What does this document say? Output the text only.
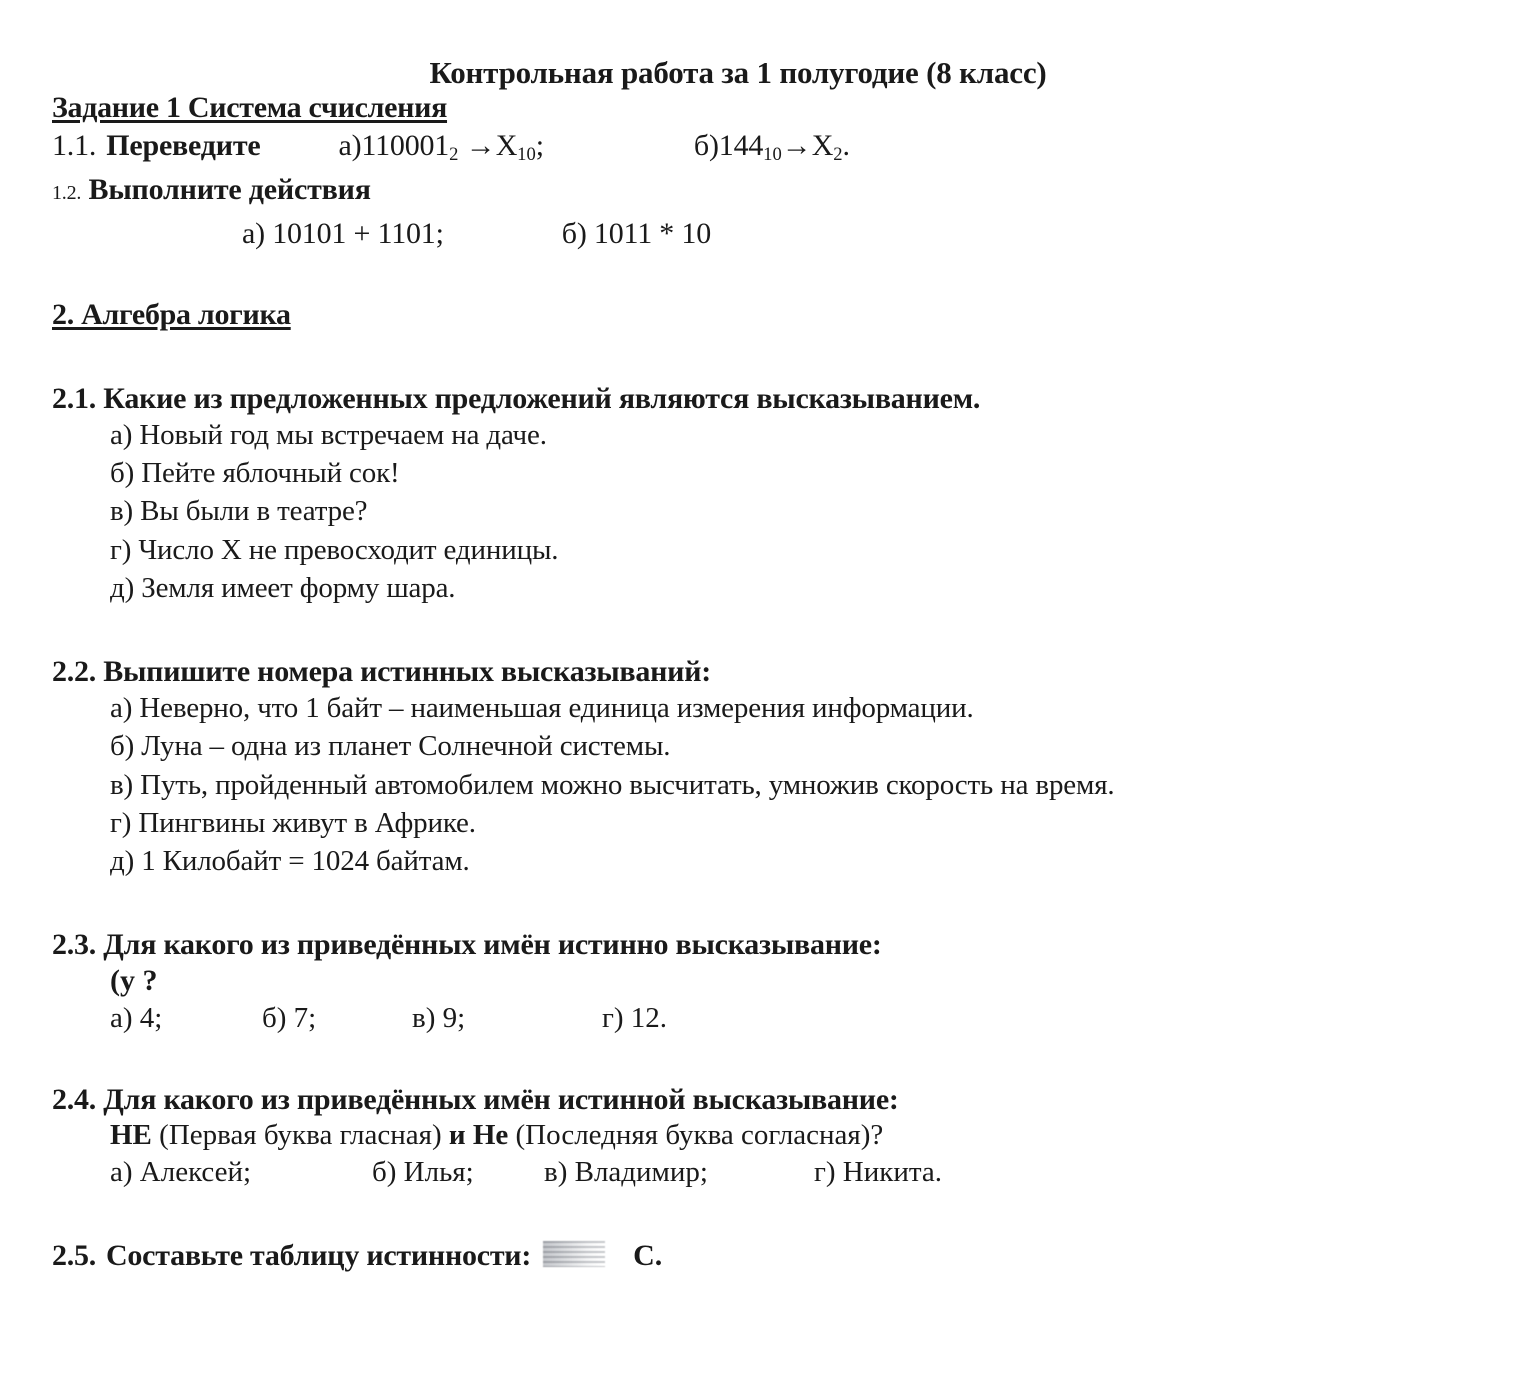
Контрольная работа за 1 полугодие (8 класс)
Задание 1 Система счисления
1.1. Переведите	$а)110001_2 \to X_{10}$;	$б)144_{10}\to X_2$.
1.2. Выполните действия
а) 10101 + 1101;	б) 1011 * 10
2. Алгебра логика
2.1. Какие из предложенных предложений являются высказыванием.
а) Новый год мы встречаем на даче.
б) Пейте яблочный сок!
в) Вы были в театре?
г) Число X не превосходит единицы.
д) Земля имеет форму шара.
2.2. Выпишите номера истинных высказываний:
а) Неверно, что 1 байт – наименьшая единица измерения информации.
б) Луна – одна из планет Солнечной системы.
в) Путь, пройденный автомобилем можно высчитать, умножив скорость на время.
г) Пингвины живут в Африке.
д) 1 Килобайт = 1024 байтам.
2.3. Для какого из приведённых имён истинно высказывание:
(у ?
а) 4;	б) 7;	в) 9;	г) 12.
2.4. Для какого из приведённых имён истинной высказывание:
НЕ (Первая буква гласная) и Не (Последняя буква согласная)?
а) Алексей;	б) Илья; в) Владимир;	г) Никита.
2.5. Составьте таблицу истинности:	С.
